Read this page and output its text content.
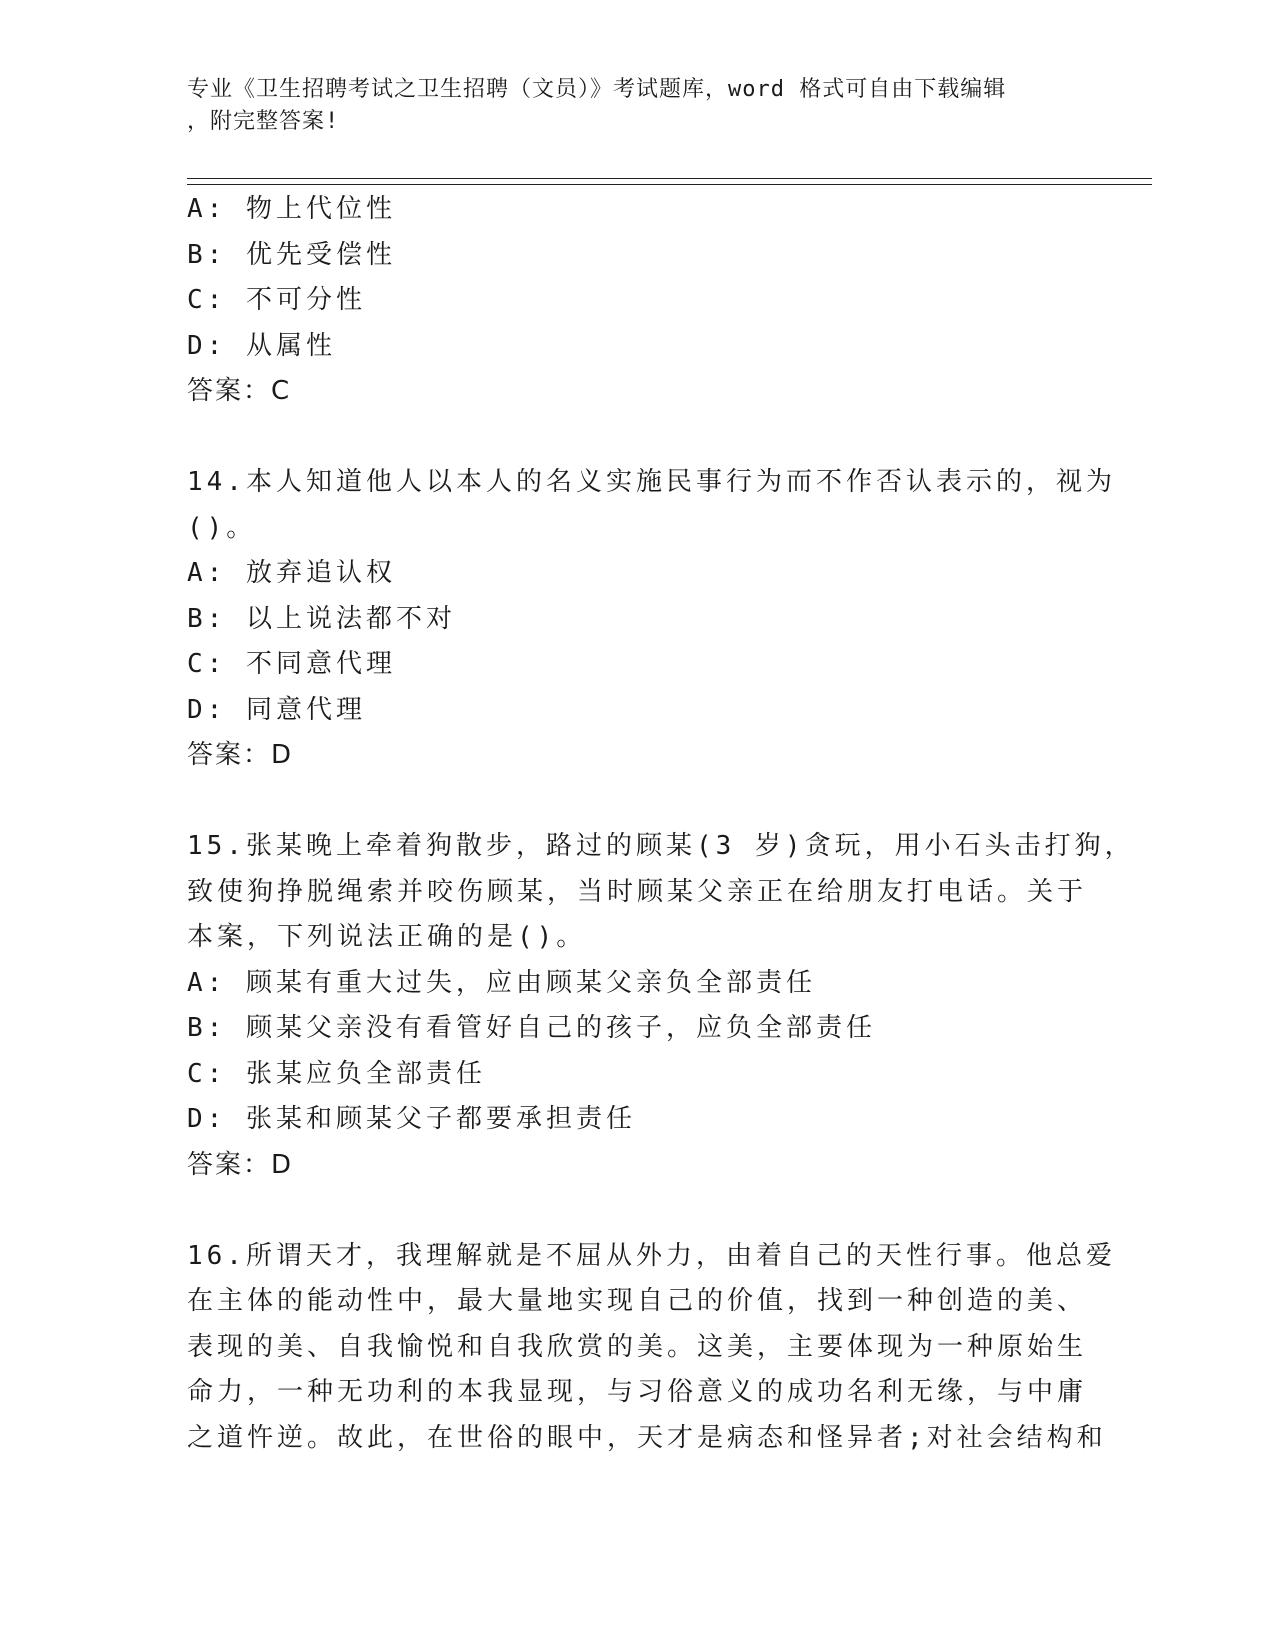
专业《卫生招聘考试之卫生招聘（文员）》考试题库，word 格式可自由下载编辑
，附完整答案!
A: 物上代位性
B: 优先受偿性
C: 不可分性
D: 从属性
答案：C
14.本人知道他人以本人的名义实施民事行为而不作否认表示的，视为
()。
A: 放弃追认权
B: 以上说法都不对
C: 不同意代理
D: 同意代理
答案：D
15.张某晚上牵着狗散步，路过的顾某(3 岁)贪玩，用小石头击打狗，
致使狗挣脱绳索并咬伤顾某，当时顾某父亲正在给朋友打电话。关于
本案，下列说法正确的是()。
A: 顾某有重大过失，应由顾某父亲负全部责任
B: 顾某父亲没有看管好自己的孩子，应负全部责任
C: 张某应负全部责任
D: 张某和顾某父子都要承担责任
答案：D
16.所谓天才，我理解就是不屈从外力，由着自己的天性行事。他总爱
在主体的能动性中，最大量地实现自己的价值，找到一种创造的美、
表现的美、自我愉悦和自我欣赏的美。这美，主要体现为一种原始生
命力，一种无功利的本我显现，与习俗意义的成功名利无缘，与中庸
之道忤逆。故此，在世俗的眼中，天才是病态和怪异者;对社会结构和
